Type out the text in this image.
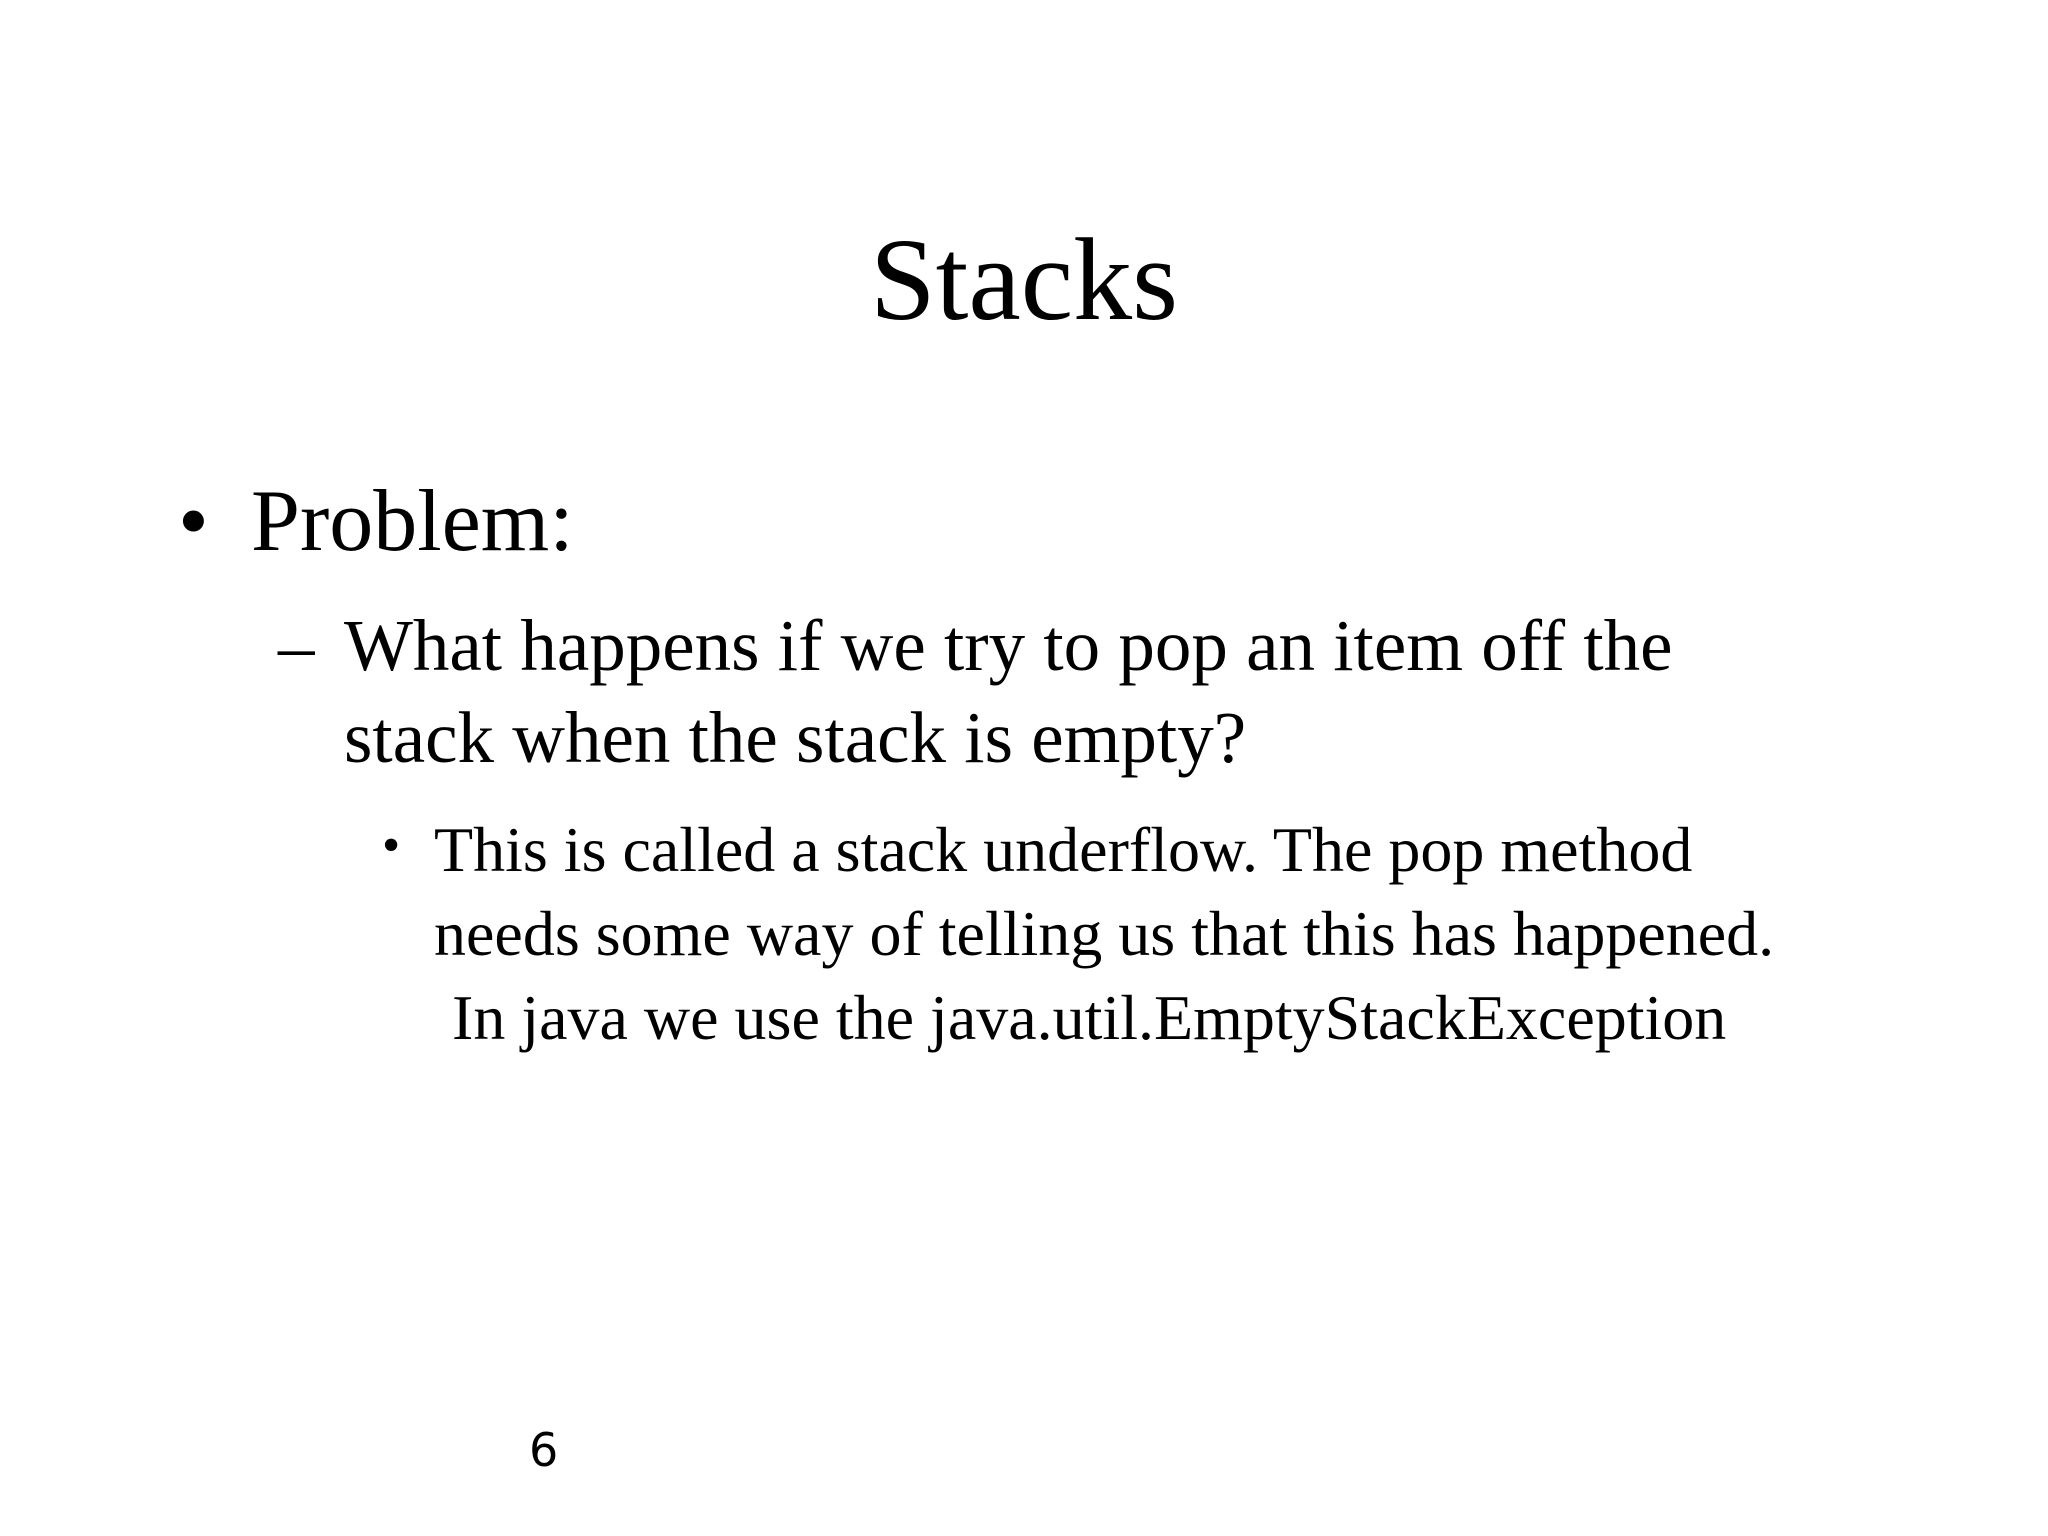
Stacks
• Problem:
– What happens if we try to pop an item off the
stack when the stack is empty?
• This is called a stack underflow. The pop method
needs some way of telling us that this has happened.
In java we use the java.util.EmptyStackException
6
